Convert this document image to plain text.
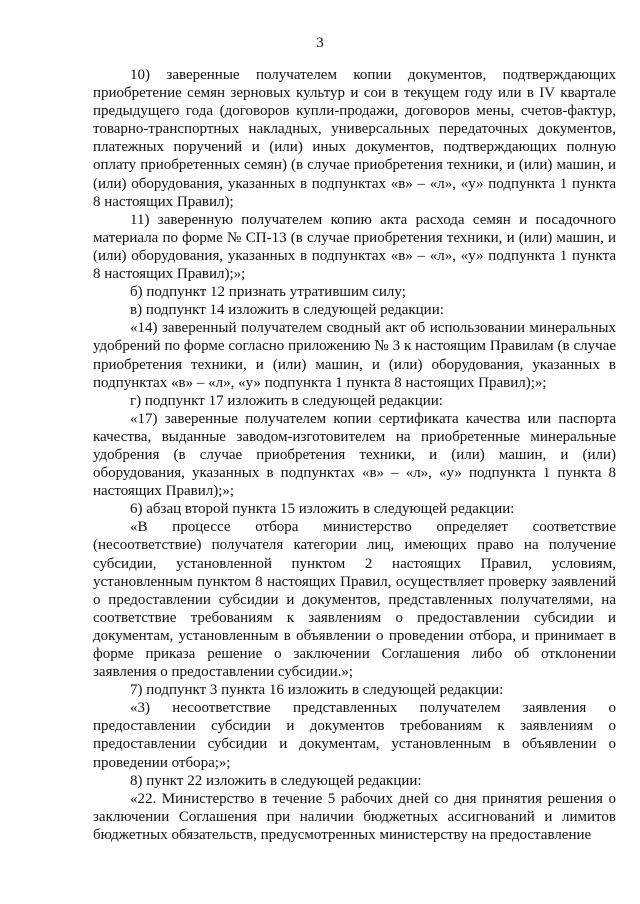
3

10) заверенные получателем копии документов, подтверждающих приобретение семян зерновых культур и сои в текущем году или в IV квартале предыдущего года (договоров купли-продажи, договоров мены, счетов-фактур, товарно-транспортных накладных, универсальных передаточных документов, платежных поручений и (или) иных документов, подтверждающих полную оплату приобретенных семян) (в случае приобретения техники, и (или) машин, и (или) оборудования, указанных в подпунктах «в» – «л», «у» подпункта 1 пункта 8 настоящих Правил);

11) заверенную получателем копию акта расхода семян и посадочного материала по форме № СП-13 (в случае приобретения техники, и (или) машин, и (или) оборудования, указанных в подпунктах «в» – «л», «у» подпункта 1 пункта 8 настоящих Правил);»;

б) подпункт 12 признать утратившим силу;

в) подпункт 14 изложить в следующей редакции:

«14) заверенный получателем сводный акт об использовании минеральных удобрений по форме согласно приложению № 3 к настоящим Правилам (в случае приобретения техники, и (или) машин, и (или) оборудования, указанных в подпунктах «в» – «л», «у» подпункта 1 пункта 8 настоящих Правил);»;

г) подпункт 17 изложить в следующей редакции:

«17) заверенные получателем копии сертификата качества или паспорта качества, выданные заводом-изготовителем на приобретенные минеральные удобрения (в случае приобретения техники, и (или) машин, и (или) оборудования, указанных в подпунктах «в» – «л», «у» подпункта 1 пункта 8 настоящих Правил);»;

6) абзац второй пункта 15 изложить в следующей редакции:

«В процессе отбора министерство определяет соответствие (несоответствие) получателя категории лиц, имеющих право на получение субсидии, установленной пунктом 2 настоящих Правил, условиям, установленным пунктом 8 настоящих Правил, осуществляет проверку заявлений о предоставлении субсидии и документов, представленных получателями, на соответствие требованиям к заявлениям о предоставлении субсидии и документам, установленным в объявлении о проведении отбора, и принимает в форме приказа решение о заключении Соглашения либо об отклонении заявления о предоставлении субсидии.»;

7) подпункт 3 пункта 16 изложить в следующей редакции:

«3) несоответствие представленных получателем заявления о предоставлении субсидии и документов требованиям к заявлениям о предоставлении субсидии и документам, установленным в объявлении о проведении отбора;»;

8) пункт 22 изложить в следующей редакции:

«22. Министерство в течение 5 рабочих дней со дня принятия решения о заключении Соглашения при наличии бюджетных ассигнований и лимитов бюджетных обязательств, предусмотренных министерству на предоставление
